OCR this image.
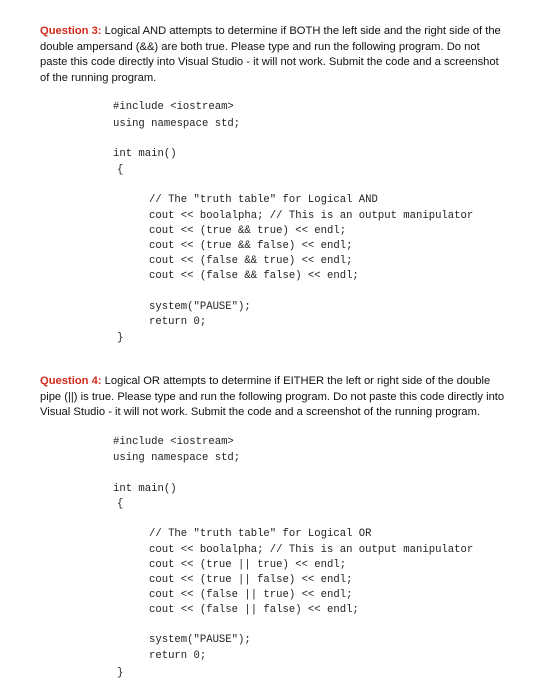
Question 3: Logical AND attempts to determine if BOTH the left side and the right side of the double ampersand (&&) are both true. Please type and run the following program. Do not paste this code directly into Visual Studio - it will not work. Submit the code and a screenshot of the running program.
#include <iostream>
using namespace std;
int main()
{
// The "truth table" for Logical AND
cout << boolalpha; // This is an output manipulator
cout << (true && true) << endl;
cout << (true && false) << endl;
cout << (false && true) << endl;
cout << (false && false) << endl;
system("PAUSE");
return 0;
}
Question 4: Logical OR attempts to determine if EITHER the left or right side of the double pipe (||) is true. Please type and run the following program. Do not paste this code directly into Visual Studio - it will not work. Submit the code and a screenshot of the running program.
#include <iostream>
using namespace std;
int main()
{
// The "truth table" for Logical OR
cout << boolalpha; // This is an output manipulator
cout << (true || true) << endl;
cout << (true || false) << endl;
cout << (false || true) << endl;
cout << (false || false) << endl;
system("PAUSE");
return 0;
}
